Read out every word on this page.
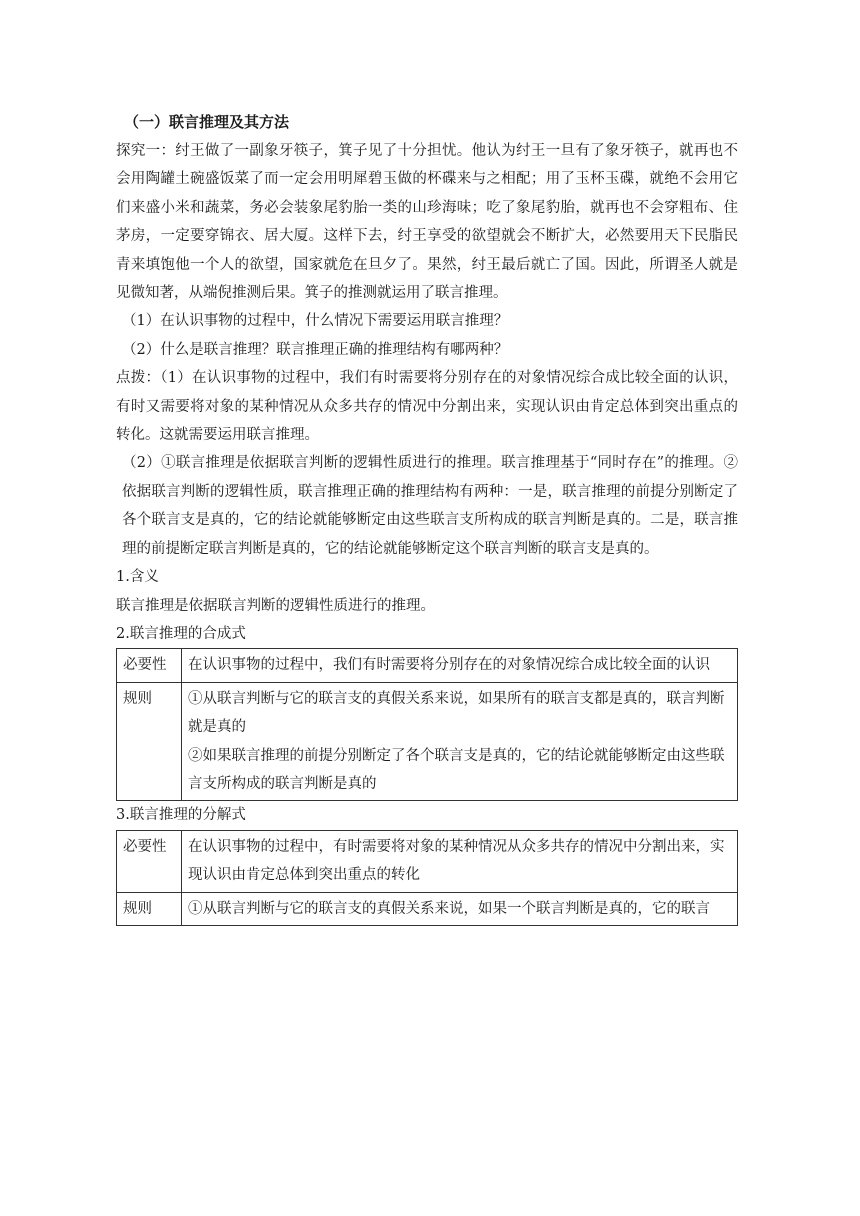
（一）联言推理及其方法

探究一：纣王做了一副象牙筷子，箕子见了十分担忧。他认为纣王一旦有了象牙筷子，就再也不会用陶罐土碗盛饭菜了而一定会用明犀碧玉做的杯碟来与之相配；用了玉杯玉碟，就绝不会用它们来盛小米和蔬菜，务必会装象尾豹胎一类的山珍海味；吃了象尾豹胎，就再也不会穿粗布、住茅房，一定要穿锦衣、居大厦。这样下去，纣王享受的欲望就会不断扩大，必然要用天下民脂民青来填饱他一个人的欲望，国家就危在旦夕了。果然，纣王最后就亡了国。因此，所谓圣人就是见微知著，从端倪推测后果。箕子的推测就运用了联言推理。

（1）在认识事物的过程中，什么情况下需要运用联言推理？

（2）什么是联言推理？联言推理正确的推理结构有哪两种？

点拨：（1）在认识事物的过程中，我们有时需要将分别存在的对象情况综合成比较全面的认识，有时又需要将对象的某种情况从众多共存的情况中分割出来，实现认识由肯定总体到突出重点的转化。这就需要运用联言推理。

（2）①联言推理是依据联言判断的逻辑性质进行的推理。联言推理基于“同时存在”的推理。②依据联言判断的逻辑性质，联言推理正确的推理结构有两种：一是，联言推理的前提分别断定了各个联言支是真的，它的结论就能够断定由这些联言支所构成的联言判断是真的。二是，联言推理的前提断定联言判断是真的，它的结论就能够断定这个联言判断的联言支是真的。

1.含义

联言推理是依据联言判断的逻辑性质进行的推理。

2.联言推理的合成式

必要性	在认识事物的过程中，我们有时需要将分别存在的对象情况综合成比较全面的认识
规则	①从联言判断与它的联言支的真假关系来说，如果所有的联言支都是真的，联言判断就是真的
②如果联言推理的前提分别断定了各个联言支是真的，它的结论就能够断定由这些联言支所构成的联言判断是真的

3.联言推理的分解式

必要性	在认识事物的过程中，有时需要将对象的某种情况从众多共存的情况中分割出来，实现认识由肯定总体到突出重点的转化
规则	①从联言判断与它的联言支的真假关系来说，如果一个联言判断是真的，它的联言
